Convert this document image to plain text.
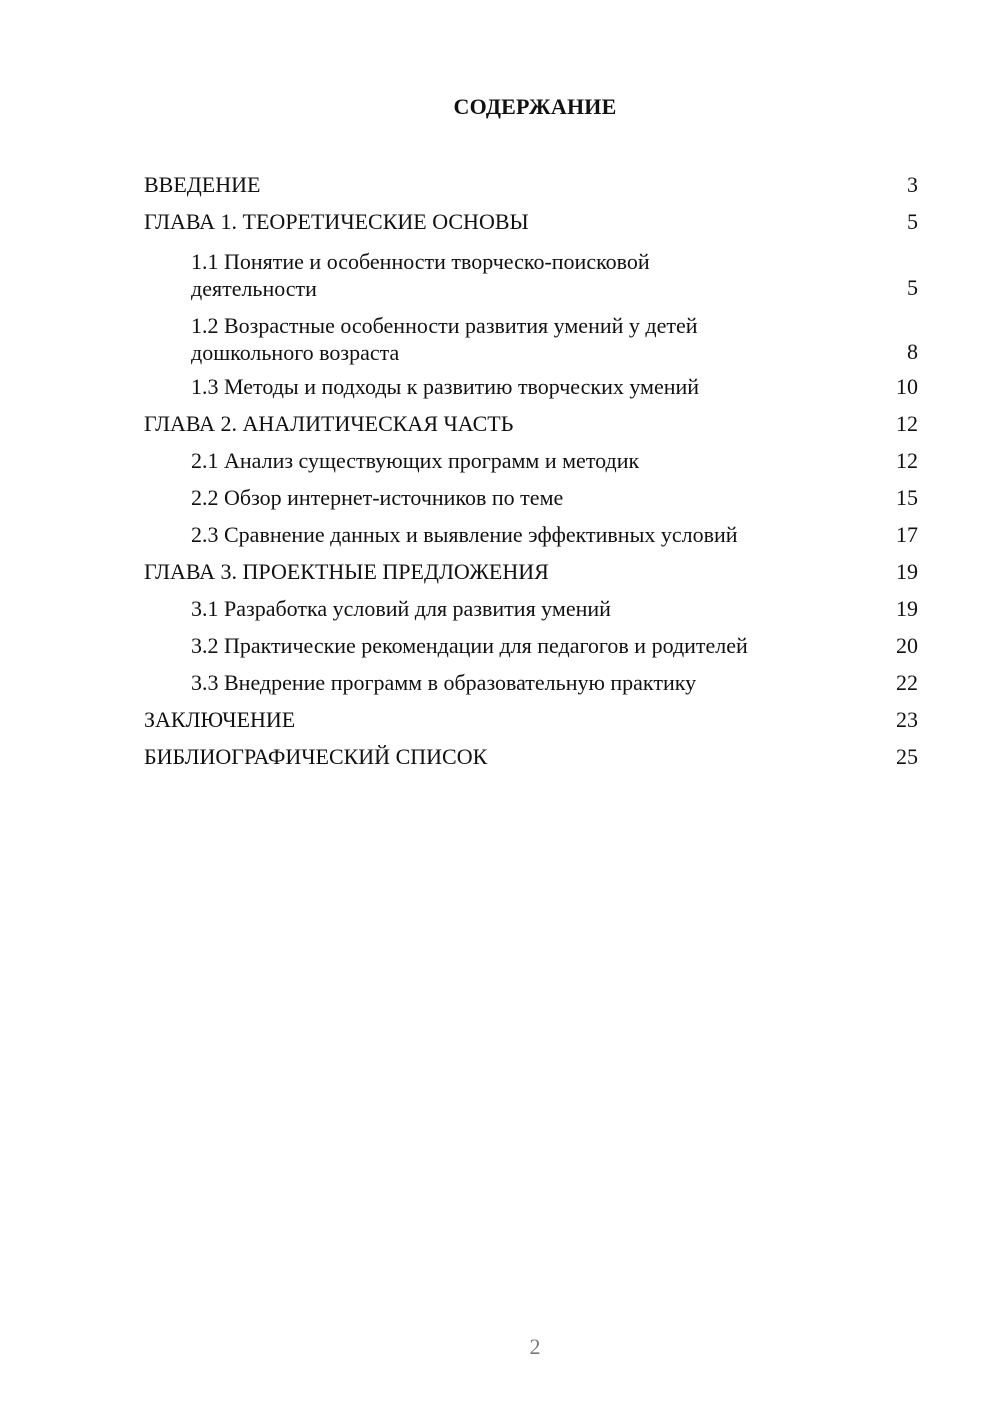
СОДЕРЖАНИЕ
ВВЕДЕНИЕ	3
ГЛАВА 1. ТЕОРЕТИЧЕСКИЕ ОСНОВЫ	5
1.1 Понятие и особенности творческо-поисковой деятельности	5
1.2 Возрастные особенности развития умений у детей дошкольного возраста	8
1.3 Методы и подходы к развитию творческих умений	10
ГЛАВА 2. АНАЛИТИЧЕСКАЯ ЧАСТЬ	12
2.1 Анализ существующих программ и методик	12
2.2 Обзор интернет-источников по теме	15
2.3 Сравнение данных и выявление эффективных условий	17
ГЛАВА 3. ПРОЕКТНЫЕ ПРЕДЛОЖЕНИЯ	19
3.1 Разработка условий для развития умений	19
3.2 Практические рекомендации для педагогов и родителей	20
3.3 Внедрение программ в образовательную практику	22
ЗАКЛЮЧЕНИЕ	23
БИБЛИОГРАФИЧЕСКИЙ СПИСОК	25
2
